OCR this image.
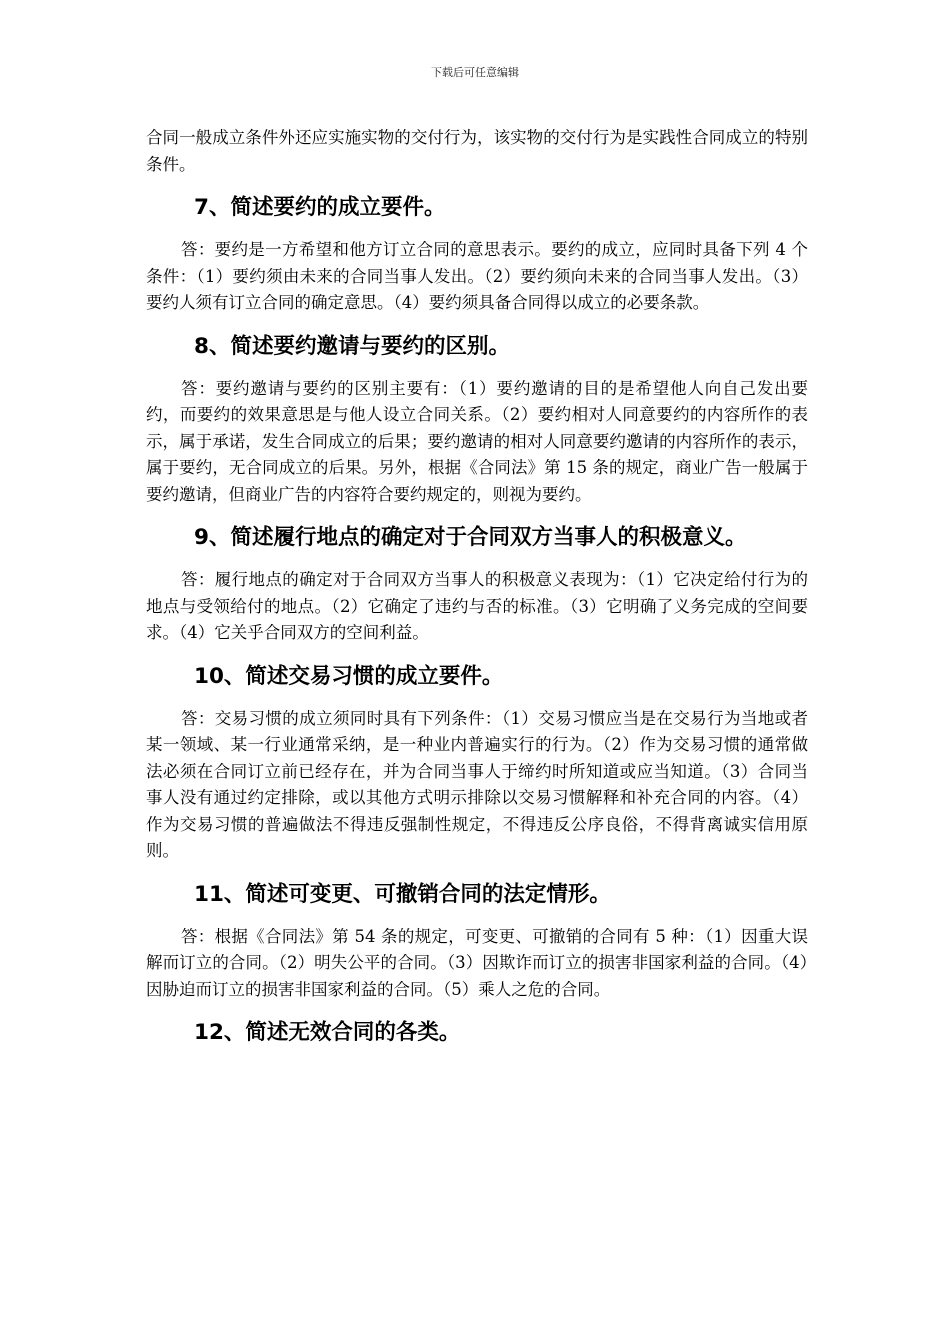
下载后可任意编辑

合同一般成立条件外还应实施实物的交付行为，该实物的交付行为是实践性合同成立的特别条件。

7、简述要约的成立要件。

答：要约是一方希望和他方订立合同的意思表示。要约的成立，应同时具备下列 4 个条件：（1）要约须由未来的合同当事人发出。（2）要约须向未来的合同当事人发出。（3）要约人须有订立合同的确定意思。（4）要约须具备合同得以成立的必要条款。

8、简述要约邀请与要约的区别。

答：要约邀请与要约的区别主要有：（1）要约邀请的目的是希望他人向自己发出要约，而要约的效果意思是与他人设立合同关系。（2）要约相对人同意要约的内容所作的表示，属于承诺，发生合同成立的后果；要约邀请的相对人同意要约邀请的内容所作的表示，属于要约，无合同成立的后果。另外，根据《合同法》第 15 条的规定，商业广告一般属于要约邀请，但商业广告的内容符合要约规定的，则视为要约。

9、简述履行地点的确定对于合同双方当事人的积极意义。

答：履行地点的确定对于合同双方当事人的积极意义表现为：（1）它决定给付行为的地点与受领给付的地点。（2）它确定了违约与否的标准。（3）它明确了义务完成的空间要求。（4）它关乎合同双方的空间利益。

10、简述交易习惯的成立要件。

答：交易习惯的成立须同时具有下列条件：（1）交易习惯应当是在交易行为当地或者某一领域、某一行业通常采纳，是一种业内普遍实行的行为。（2）作为交易习惯的通常做法必须在合同订立前已经存在，并为合同当事人于缔约时所知道或应当知道。（3）合同当事人没有通过约定排除，或以其他方式明示排除以交易习惯解释和补充合同的内容。（4）作为交易习惯的普遍做法不得违反强制性规定，不得违反公序良俗，不得背离诚实信用原则。

11、简述可变更、可撤销合同的法定情形。

答：根据《合同法》第 54 条的规定，可变更、可撤销的合同有 5 种：（1）因重大误解而订立的合同。（2）明失公平的合同。（3）因欺诈而订立的损害非国家利益的合同。（4）因胁迫而订立的损害非国家利益的合同。（5）乘人之危的合同。

12、简述无效合同的各类。
